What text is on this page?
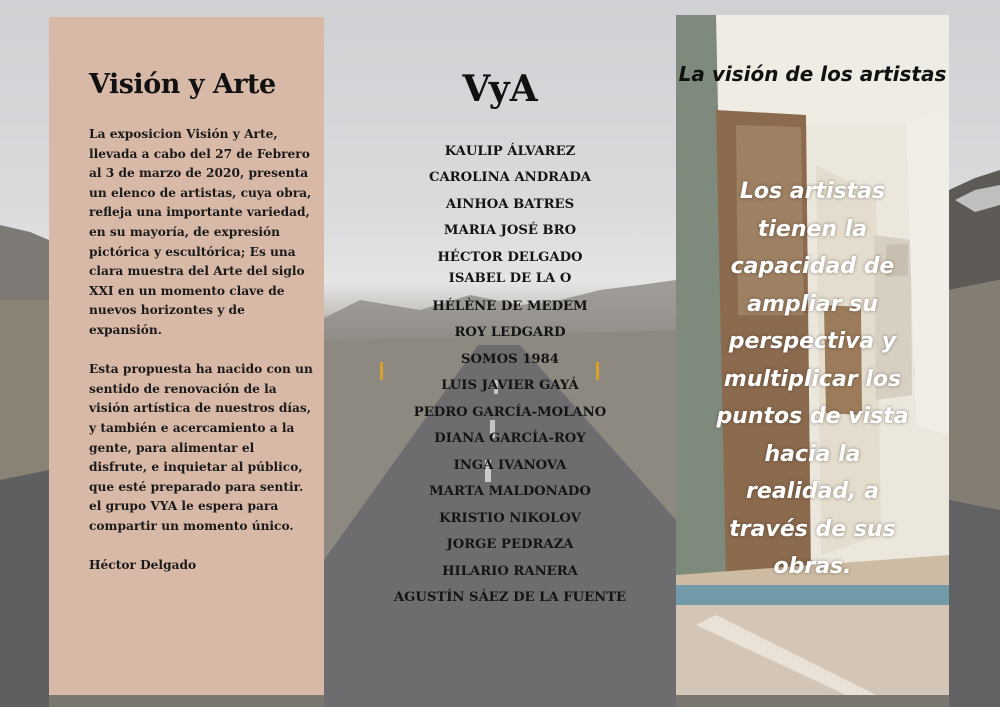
Visión y Arte

La exposicion Visión y Arte, llevada a cabo del 27 de Febrero al 3 de marzo de 2020, presenta un elenco de artistas, cuya obra, refleja una importante variedad, en su mayoría, de expresión pictórica y escultórica; Es una clara muestra del Arte del siglo XXI en un momento clave de nuevos horizontes y de expansión.

Esta propuesta ha nacido con un sentido de renovación de la visión artística de nuestros días, y también e acercamiento a la gente, para alimentar el disfrute, e inquietar al público, que esté preparado para sentir.

el grupo VYA le espera para compartir un momento único.

Héctor Delgado

VyA
KAULIP ÁLVAREZ
CAROLINA ANDRADA
AINHOA BATRES
MARIA JOSÉ BRO
HÉCTOR DELGADO
ISABEL DE LA O
HÉLÈNE DE MEDEM
ROY LEDGARD
SOMOS 1984
LUIS JAVIER GAYÁ
PEDRO GARCÍA-MOLANO
DIANA GARCÍA-ROY
INGA IVANOVA
MARTA MALDONADO
KRISTIO NIKOLOV
JORGE PEDRAZA
HILARIO RANERA
AGUSTÍN SÁEZ DE LA FUENTE
La visión de los artistas
Los artistas tienen la capacidad de ampliar su perspectiva y multiplicar los puntos de vista hacia la realidad, a través de sus obras.
